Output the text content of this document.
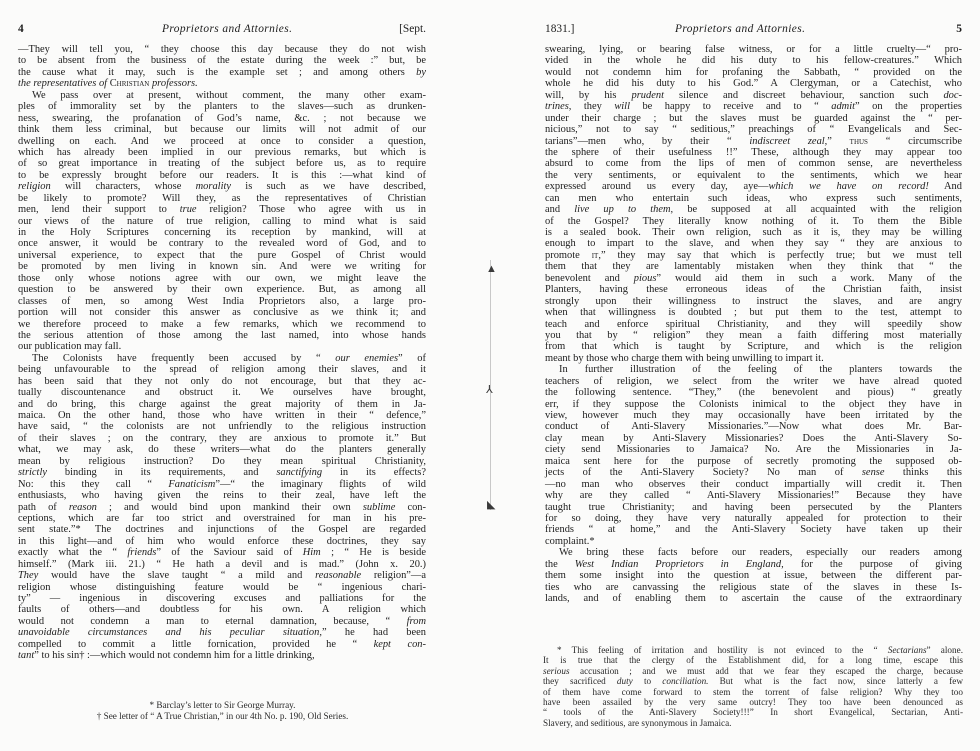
4	Proprietors and Attornies.	[Sept.
—They will tell you, “ they choose this day because they do not wish
to be absent from the business of the estate during the week :” but, be
the cause what it may, such is the example set ; and among others by
the representatives of Christian professors.
We pass over at present, without comment, the many other exam-
ples of immorality set by the planters to the slaves—such as drunken-
ness, swearing, the profanation of God’s name, &c. ; not because we
think them less criminal, but because our limits will not admit of our
dwelling on each. And we proceed at once to consider a question,
which has already been implied in our previous remarks, but which is
of so great importance in treating of the subject before us, as to require
to be expressly brought before our readers. It is this :—what kind of
religion will characters, whose morality is such as we have described,
be likely to promote? Will they, as the representatives of Christian
men, lend their support to true religion? Those who agree with us in
our views of the nature of true religion, calling to mind what is said
in the Holy Scriptures concerning its reception by mankind, will at
once answer, it would be contrary to the revealed word of God, and to
universal experience, to expect that the pure Gospel of Christ would
be promoted by men living in known sin. And were we writing for
those only whose notions agree with our own, we might leave the
question to be answered by their own experience. But, as among all
classes of men, so among West India Proprietors also, a large pro-
portion will not consider this answer as conclusive as we think it; and
we therefore proceed to make a few remarks, which we recommend to
the serious attention of those among the last named, into whose hands
our publication may fall.
The Colonists have frequently been accused by “ our enemies” of
being unfavourable to the spread of religion among their slaves, and it
has been said that they not only do not encourage, but that they ac-
tually discountenance and obstruct it. We ourselves have brought,
and do bring, this charge against the great majority of them in Ja-
maica. On the other hand, those who have written in their “ defence,”
have said, “ the colonists are not unfriendly to the religious instruction
of their slaves ; on the contrary, they are anxious to promote it.” But
what, we may ask, do these writers—what do the planters generally
mean by religious instruction? Do they mean spiritual Christianity,
strictly binding in its requirements, and sanctifying in its effects?
No: this they call “ Fanaticism”—“ the imaginary flights of wild
enthusiasts, who having given the reins to their zeal, have left the
path of reason ; and would bind upon mankind their own sublime con-
ceptions, which are far too strict and overstrained for man in his pre-
sent state.”* The doctrines and injunctions of the Gospel are regarded
in this light—and of him who would enforce these doctrines, they say
exactly what the “ friends” of the Saviour said of Him ; “ He is beside
himself.” (Mark iii. 21.) “ He hath a devil and is mad.” (John x. 20.)
They would have the slave taught “ a mild and reasonable religion”—a
religion whose distinguishing feature would be “ ingenious chari-
ty” — ingenious in discovering excuses and palliations for the
faults of others—and doubtless for his own. A religion which
would not condemn a man to eternal damnation, because, “ from
unavoidable circumstances and his peculiar situation,” he had been
compelled to commit a little fornication, provided he “ kept con-
tant” to his sin† :—which would not condemn him for a little drinking,
* Barclay’s letter to Sir George Murray.
† See letter of “ A True Christian,” in our 4th No. p. 190, Old Series.
▲
⅄
◣
1831.]	Proprietors and Attornies.	5
swearing, lying, or bearing false witness, or for a little cruelty—“ pro-
vided in the whole he did his duty to his fellow-creatures.” Which
would not condemn him for profaning the Sabbath, “ provided on the
whole he did his duty to his God.” A Clergyman, or a Catechist, who
will, by his prudent silence and discreet behaviour, sanction such doc-
trines, they will be happy to receive and to “ admit” on the properties
under their charge ; but the slaves must be guarded against the “ per-
nicious,” not to say “ seditious,” preachings of “ Evangelicals and Sec-
tarians”—men who, by their “ indiscreet zeal,” thus “ circumscribe
the sphere of their usefulness !!” These, although they may appear too
absurd to come from the lips of men of common sense, are nevertheless
the very sentiments, or equivalent to the sentiments, which we hear
expressed around us every day, aye—which we have on record! And
can men who entertain such ideas, who express such sentiments,
and live up to them, be supposed at all acquainted with the religion
of the Gospel? They literally know nothing of it. To them the Bible
is a sealed book. Their own religion, such as it is, they may be willing
enough to impart to the slave, and when they say “ they are anxious to
promote it,” they may say that which is perfectly true; but we must tell
them that they are lamentably mistaken when they think that “ the
benevolent and pious” would aid them in such a work. Many of the
Planters, having these erroneous ideas of the Christian faith, insist
strongly upon their willingness to instruct the slaves, and are angry
when that willingness is doubted ; but put them to the test, attempt to
teach and enforce spiritual Christianity, and they will speedily show
you that by “ religion” they mean a faith differing most materially
from that which is taught by Scripture, and which is the religion
meant by those who charge them with being unwilling to impart it.
In further illustration of the feeling of the planters towards the
teachers of religion, we select from the writer we have alread quoted
the following sentence. “They,” (the benevolent and pious) “ greatly
err, if they suppose the Colonists inimical to the object they have in
view, however much they may occasionally have been irritated by the
conduct of Anti-Slavery Missionaries.”—Now what does Mr. Bar-
clay mean by Anti-Slavery Missionaries? Does the Anti-Slavery So-
ciety send Missionaries to Jamaica? No. Are the Missionaries in Ja-
maica sent here for the purpose of secretly promoting the supposed ob-
jects of the Anti-Slavery Society? No man of sense thinks this
—no man who observes their conduct impartially will credit it. Then
why are they called “ Anti-Slavery Missionaries!” Because they have
taught true Christianity; and having been persecuted by the Planters
for so doing, they have very naturally appealed for protection to their
friends “ at home,” and the Anti-Slavery Society have taken up their
complaint.*
We bring these facts before our readers, especially our readers among
the West Indian Proprietors in England, for the purpose of giving
them some insight into the question at issue, between the different par-
ties who are canvassing the religious state of the slaves in these Is-
lands, and of enabling them to ascertain the cause of the extraordinary
* This feeling of irritation and hostility is not evinced to the “ Sectarians” alone.
It is true that the clergy of the Establishment did, for a long time, escape this
serious accusation ; and we must add that we fear they escaped the charge, because
they sacrificed duty to conciliation. But what is the fact now, since latterly a few
of them have come forward to stem the torrent of false religion? Why they too
have been assailed by the very same outcry! They too have been denounced as
“ tools of the Anti-Slavery Society!!!” In short Evangelical, Sectarian, Anti-
Slavery, and seditious, are synonymous in Jamaica.
